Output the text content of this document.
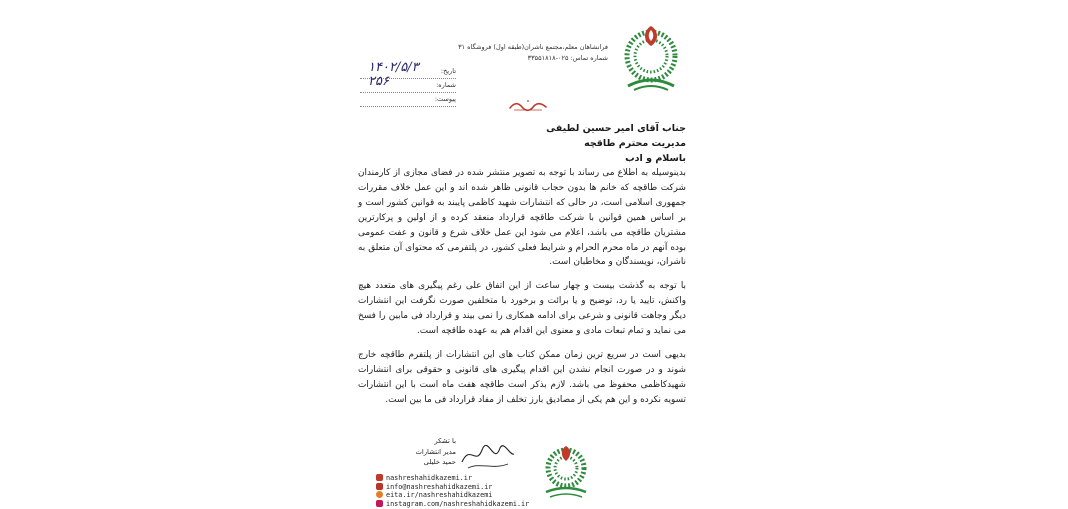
فرانشاهان معلم،مجتمع ناشران(طبقه اول) فروشگاه ۳۱
شماره تماس: ۰۲۵-۳۳۵۵۱۸۱۸
تاریخ:
۱۴۰۲/۵/۳
شماره:
۲۵۶
پیوست:
جناب آقای امیر حسین لطیفی
مدیریت محترم طاقچه
باسلام و ادب

بدینوسیله به اطلاع می رساند با توجه به تصویر منتشر شده در فضای مجازی از کارمندان شرکت طاقچه که خانم ها بدون حجاب قانونی ظاهر شده اند و این عمل خلاف مقررات جمهوری اسلامی است، در حالی که انتشارات شهید کاظمی پایبند به قوانین کشور است و بر اساس همین قوانین با شرکت طاقچه قرارداد منعقد کرده و از اولین و پرکارترین مشتریان طاقچه می باشد، اعلام می شود این عمل خلاف شرع و قانون و عفت عمومی بوده آنهم در ماه محرم الحرام و شرایط فعلی کشور، در پلتفرمی که محتوای آن متعلق به ناشران، نویسندگان و مخاطبان است.

با توجه به گذشت بیست و چهار ساعت از این اتفاق علی رغم پیگیری های متعدد هیچ واکنش، تایید یا رد، توضیح و یا برائت و برخورد با متخلفین صورت نگرفت این انتشارات دیگر وجاهت قانونی و شرعی برای ادامه همکاری را نمی بیند و قرارداد فی مابین را فسخ می نماید و تمام تبعات مادی و معنوی این اقدام هم به عهده طاقچه است.

بدیهی است در سریع ترین زمان ممکن کتاب های این انتشارات از پلتفرم طاقچه خارج شوند و در صورت انجام نشدن این اقدام پیگیری های قانونی و حقوقی برای انتشارات شهیدکاظمی محفوظ می باشد. لازم بذکر است طاقچه هفت ماه است با این انتشارات تسویه نکرده و این هم یکی از مصادیق بارز تخلف از مفاد قرارداد فی ما بین است.

با تشکر
مدیر انتشارات
حمید خلیلی
nashreshahidkazemi.ir
info@nashreshahidkazemi.ir
eita.ir/nashreshahidkazemi
instagram.com/nashreshahidkazemi.ir
